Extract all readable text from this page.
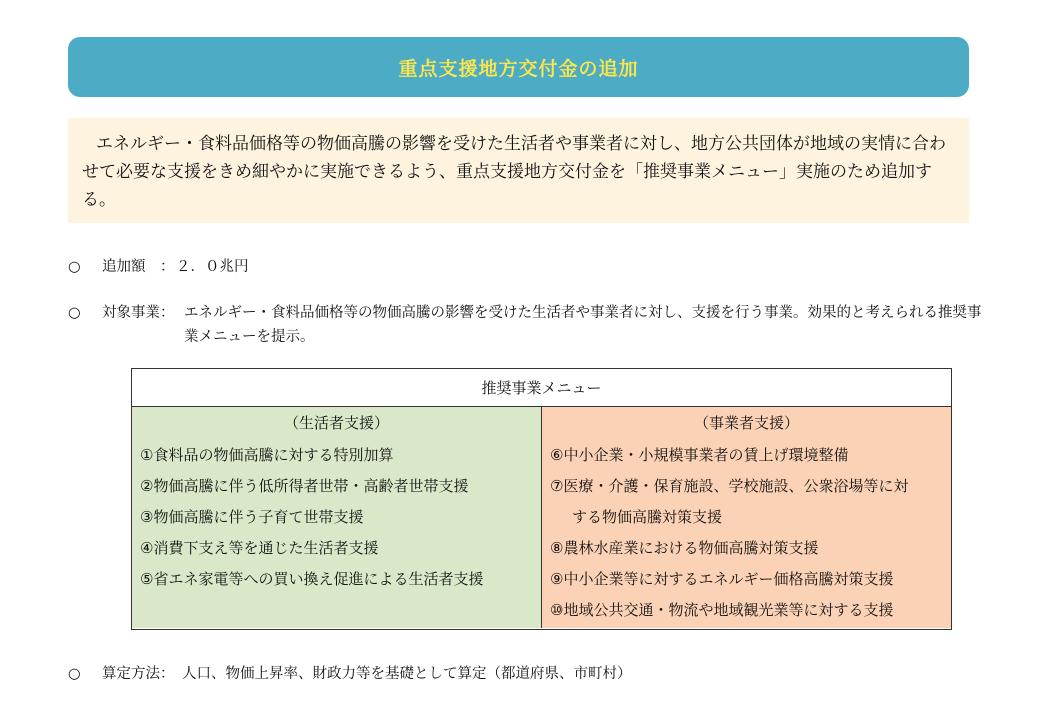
重点支援地方交付金の追加
エネルギー・食料品価格等の物価高騰の影響を受けた生活者や事業者に対し、地方公共団体が地域の実情に合わせて必要な支援をきめ細やかに実施できるよう、重点支援地方交付金を「推奨事業メニュー」実施のため追加する。
○	追加額　： ２．０兆円
○	対象事業： エネルギー・食料品価格等の物価高騰の影響を受けた生活者や事業者に対し、支援を行う事業。効果的と考えられる推奨事業メニューを提示。
推奨事業メニュー
（生活者支援）
①食料品の物価高騰に対する特別加算
②物価高騰に伴う低所得者世帯・高齢者世帯支援
③物価高騰に伴う子育て世帯支援
④消費下支え等を通じた生活者支援
⑤省エネ家電等への買い換え促進による生活者支援
（事業者支援）
⑥中小企業・小規模事業者の賃上げ環境整備
⑦医療・介護・保育施設、学校施設、公衆浴場等に対
する物価高騰対策支援
⑧農林水産業における物価高騰対策支援
⑨中小企業等に対するエネルギー価格高騰対策支援
⑩地域公共交通・物流や地域観光業等に対する支援
○	算定方法： 人口、物価上昇率、財政力等を基礎として算定（都道府県、市町村）
